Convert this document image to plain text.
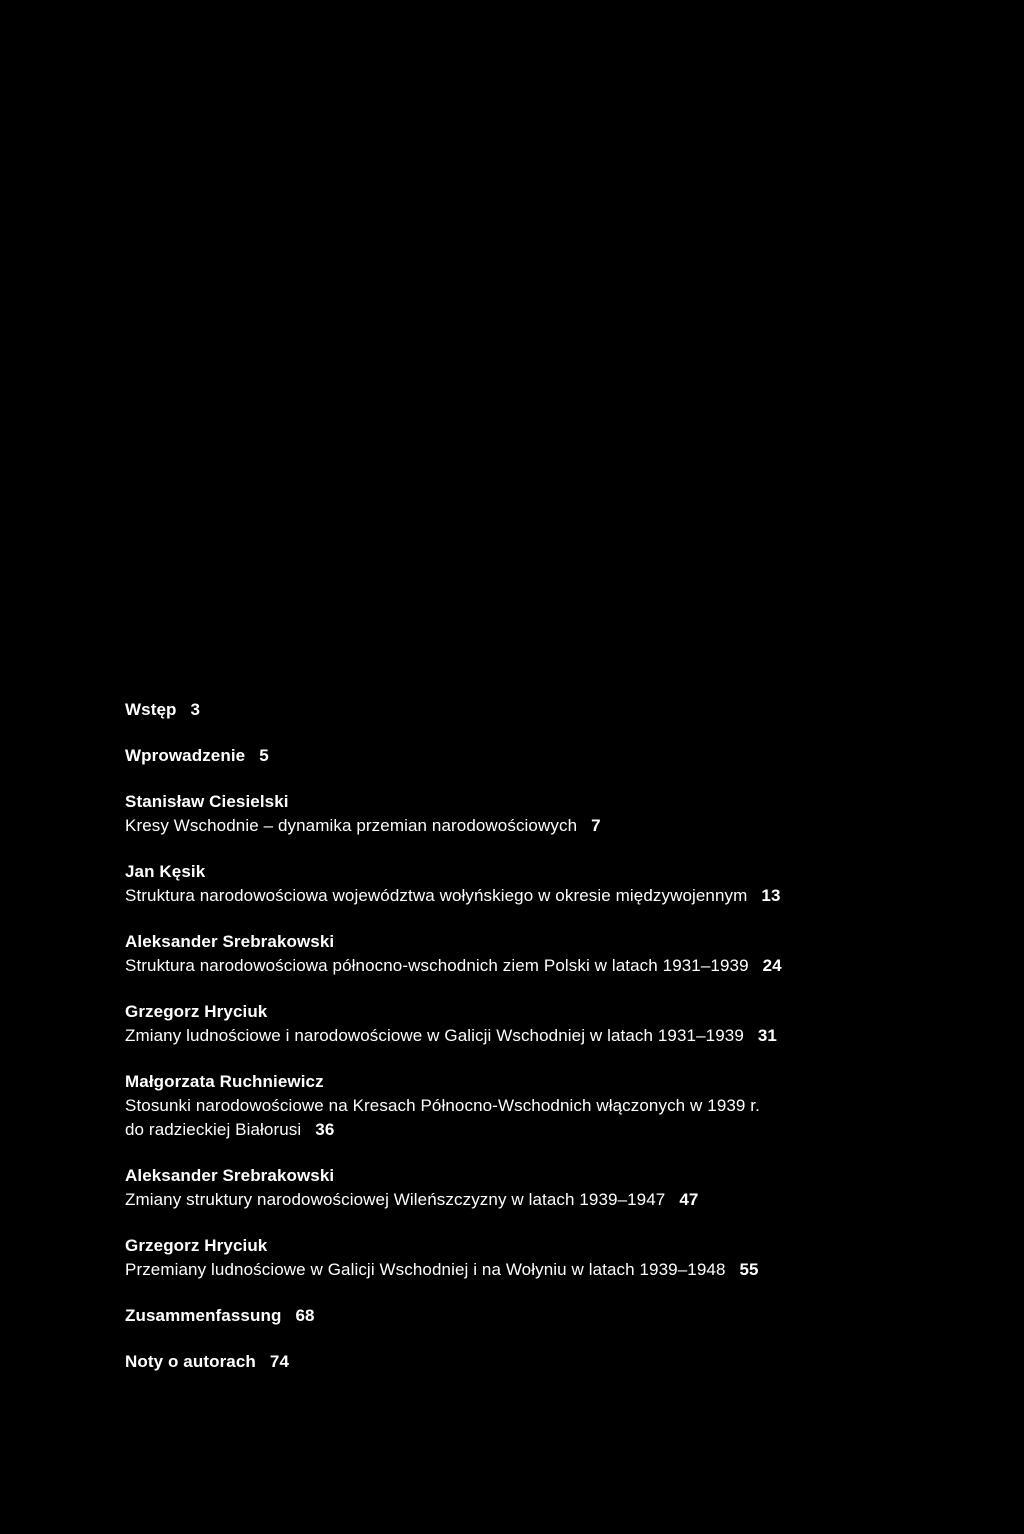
Wstęp 3
Wprowadzenie 5
Stanisław Ciesielski
Kresy Wschodnie – dynamika przemian narodowościowych 7
Jan Kęsik
Struktura narodowościowa województwa wołyńskiego w okresie międzywojennym 13
Aleksander Srebrakowski
Struktura narodowościowa północno-wschodnich ziem Polski w latach 1931–1939 24
Grzegorz Hryciuk
Zmiany ludnościowe i narodowościowe w Galicji Wschodniej w latach 1931–1939 31
Małgorzata Ruchniewicz
Stosunki narodowościowe na Kresach Północno-Wschodnich włączonych w 1939 r.
do radzieckiej Białorusi 36
Aleksander Srebrakowski
Zmiany struktury narodowościowej Wileńszczyzny w latach 1939–1947 47
Grzegorz Hryciuk
Przemiany ludnościowe w Galicji Wschodniej i na Wołyniu w latach 1939–1948 55
Zusammenfassung 68
Noty o autorach 74
